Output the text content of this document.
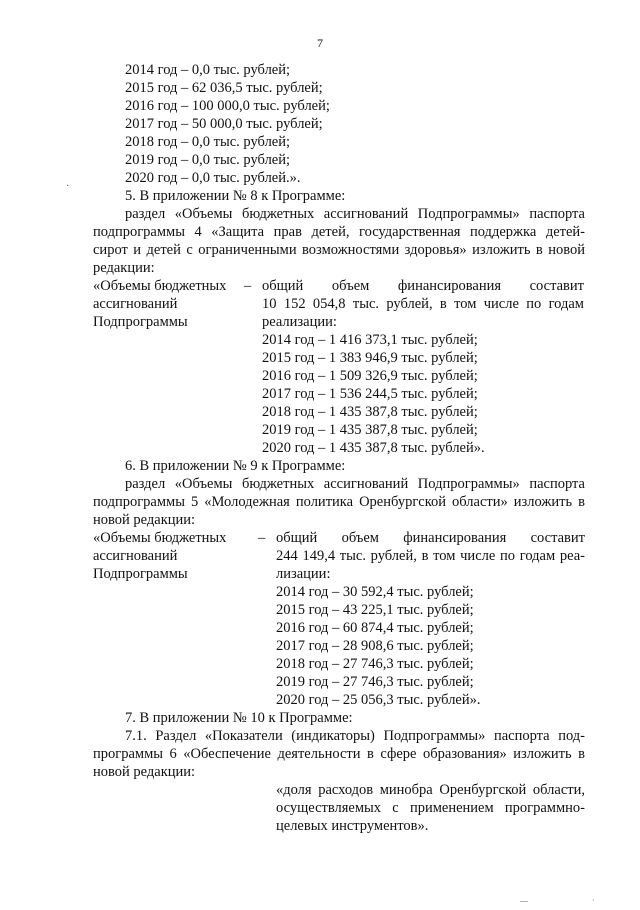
7
2014 год – 0,0 тыс. рублей;
2015 год – 62 036,5 тыс. рублей;
2016 год – 100 000,0 тыс. рублей;
2017 год – 50 000,0 тыс. рублей;
2018 год – 0,0 тыс. рублей;
2019 год – 0,0 тыс. рублей;
2020 год – 0,0 тыс. рублей.».
5. В приложении № 8 к Программе:
раздел «Объемы бюджетных ассигнований Подпрограммы» паспорта
подпрограммы 4 «Защита прав детей, государственная поддержка детей-
сирот и детей с ограниченными возможностями здоровья» изложить в новой
редакции:
«Объемы бюджетных
ассигнований
Подпрограммы
– общий объем финансирования составит
10 152 054,8 тыс. рублей, в том числе по годам
реализации:
2014 год – 1 416 373,1 тыс. рублей;
2015 год – 1 383 946,9 тыс. рублей;
2016 год – 1 509 326,9 тыс. рублей;
2017 год – 1 536 244,5 тыс. рублей;
2018 год – 1 435 387,8 тыс. рублей;
2019 год – 1 435 387,8 тыс. рублей;
2020 год – 1 435 387,8 тыс. рублей».
6. В приложении № 9 к Программе:
раздел «Объемы бюджетных ассигнований Подпрограммы» паспорта
подпрограммы 5 «Молодежная политика Оренбургской области» изложить в
новой редакции:
«Объемы бюджетных
ассигнований
Подпрограммы
– общий объем финансирования составит
244 149,4 тыс. рублей, в том числе по годам реа-
лизации:
2014 год – 30 592,4 тыс. рублей;
2015 год – 43 225,1 тыс. рублей;
2016 год – 60 874,4 тыс. рублей;
2017 год – 28 908,6 тыс. рублей;
2018 год – 27 746,3 тыс. рублей;
2019 год – 27 746,3 тыс. рублей;
2020 год – 25 056,3 тыс. рублей».
7. В приложении № 10 к Программе:
7.1. Раздел «Показатели (индикаторы) Подпрограммы» паспорта под-
программы 6 «Обеспечение деятельности в сфере образования» изложить в
новой редакции:
«доля расходов минобра Оренбургской области,
осуществляемых с применением программно-
целевых инструментов».
·
—	·
